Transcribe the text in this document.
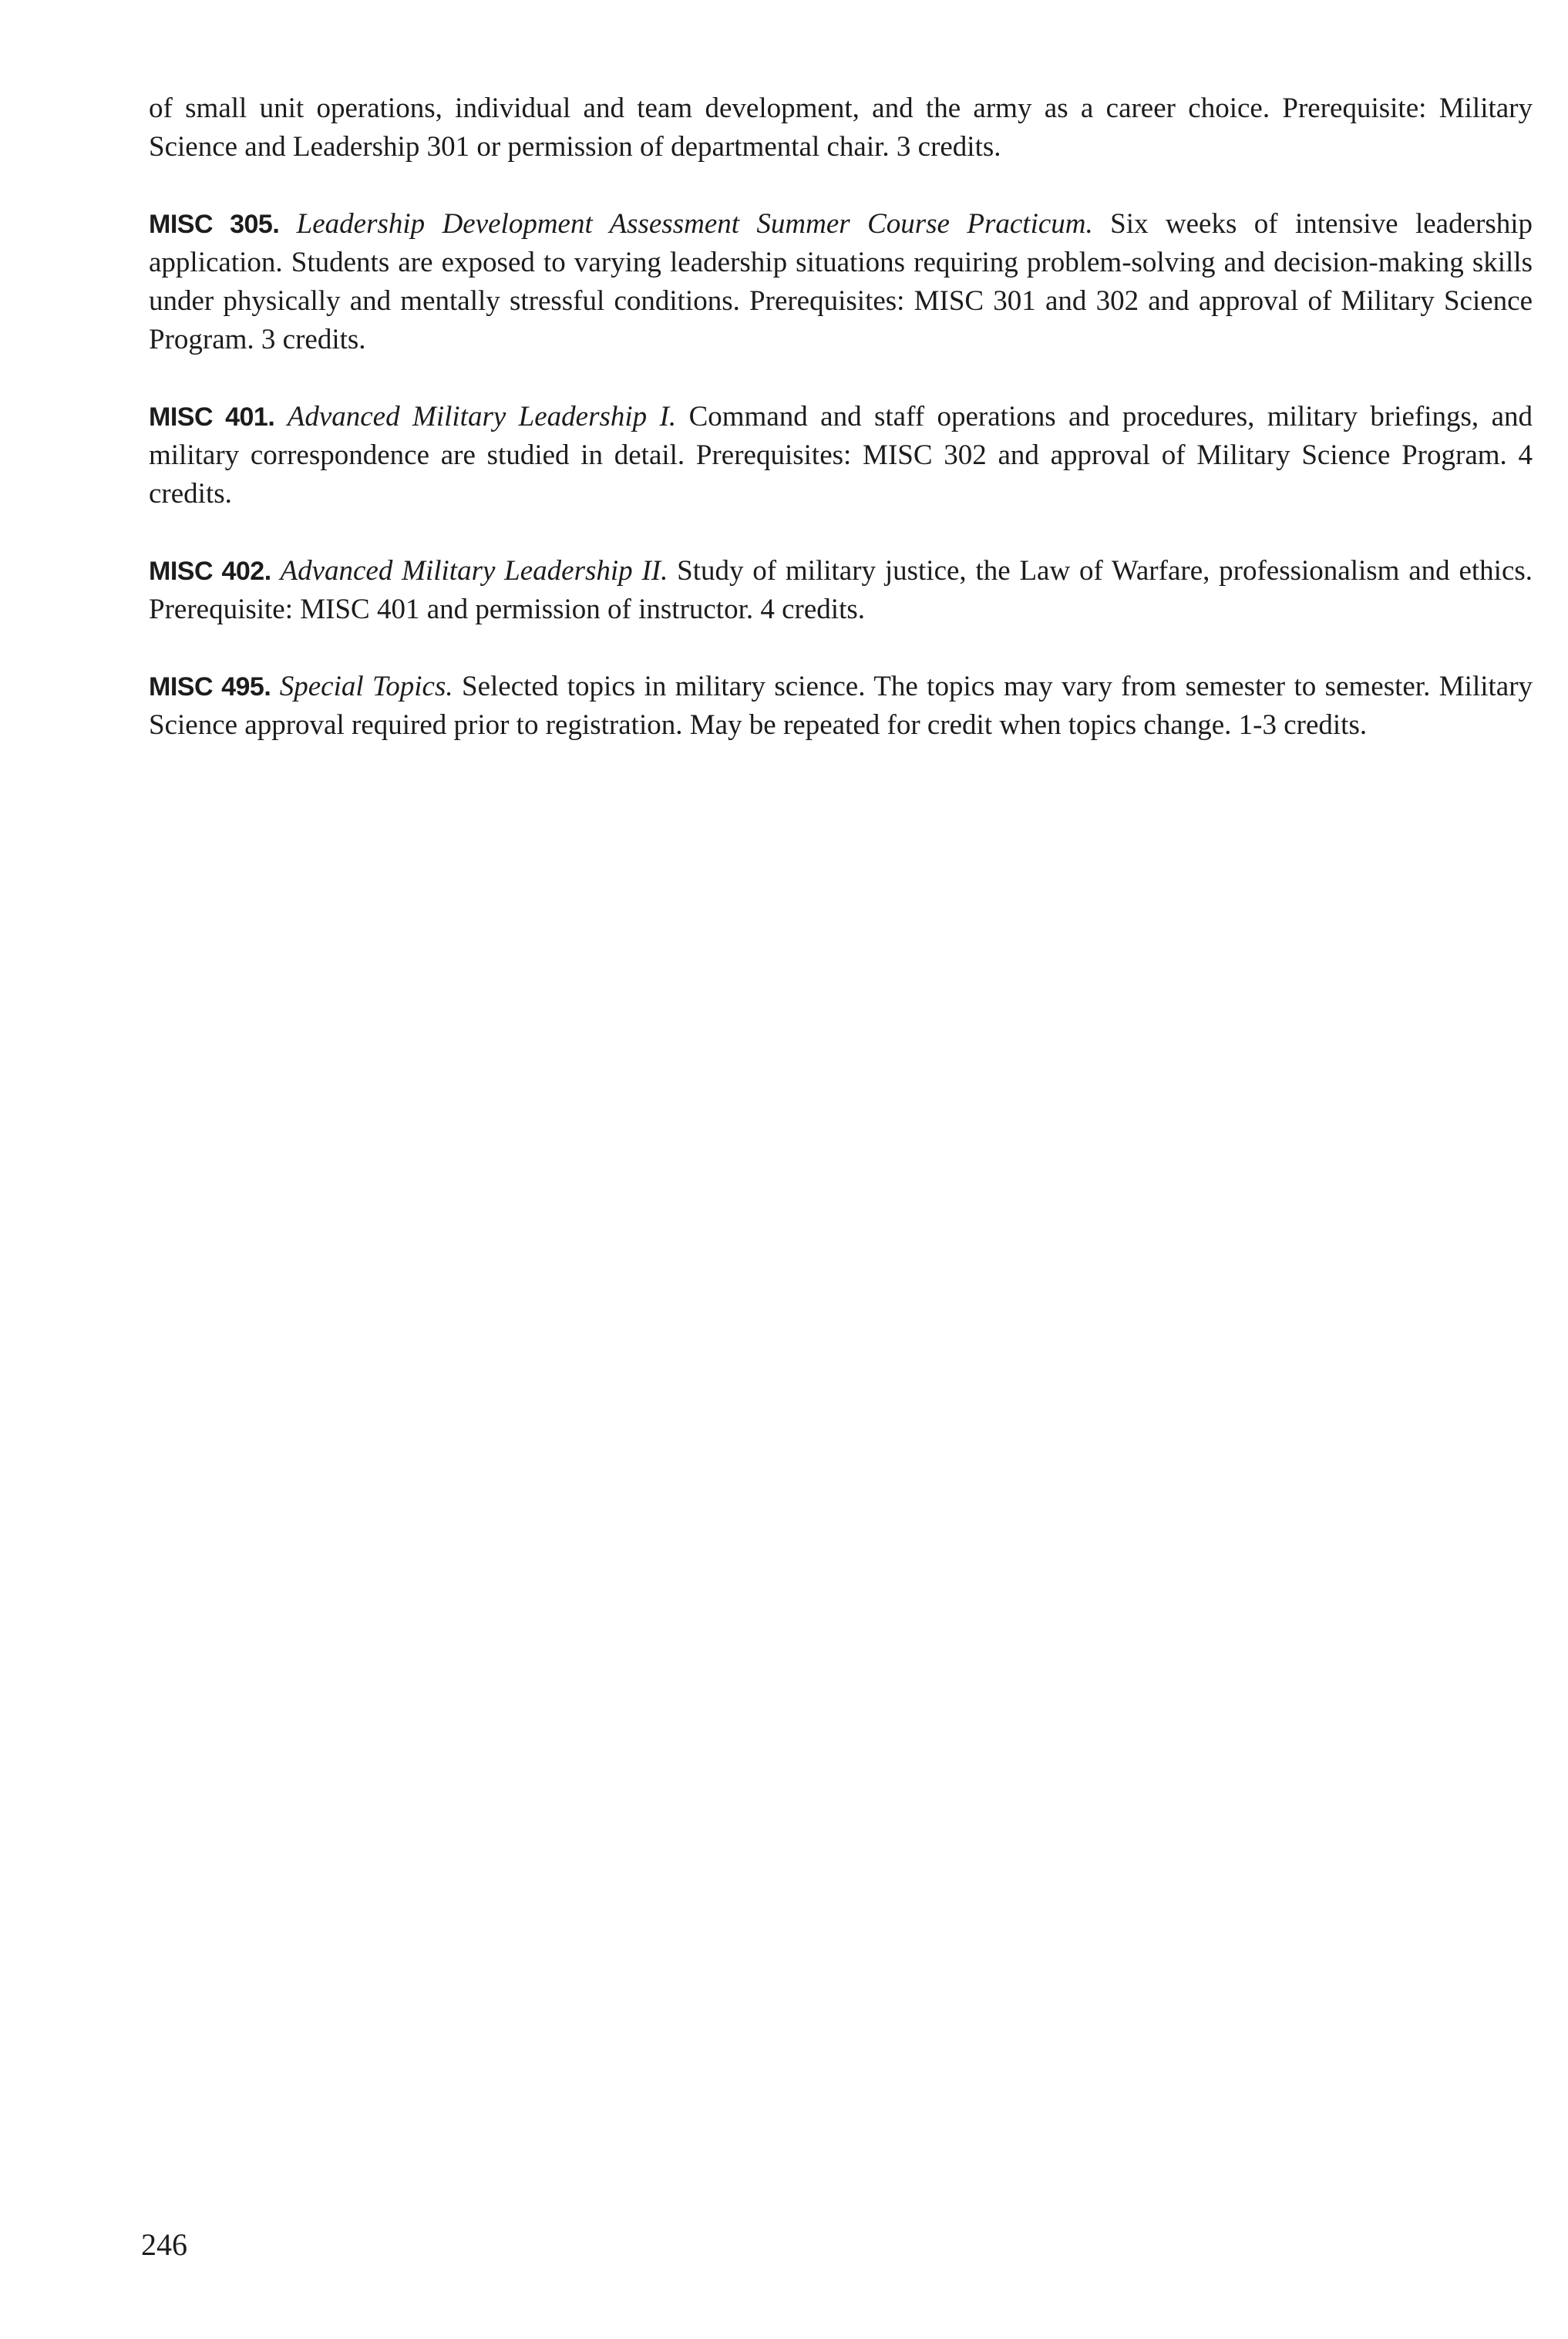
of small unit operations, individual and team development, and the army as a career choice. Prerequisite: Military Science and Leadership 301 or permission of departmental chair. 3 credits.

MISC 305. Leadership Development Assessment Summer Course Practicum. Six weeks of intensive leadership application. Students are exposed to varying leadership situations requiring problem-solving and decision-making skills under physically and mentally stressful conditions. Prerequisites: MISC 301 and 302 and approval of Military Science Program. 3 credits.

MISC 401. Advanced Military Leadership I. Command and staff operations and procedures, military briefings, and military correspondence are studied in detail. Prerequisites: MISC 302 and approval of Military Science Program. 4 credits.

MISC 402. Advanced Military Leadership II. Study of military justice, the Law of Warfare, professionalism and ethics. Prerequisite: MISC 401 and permission of instructor. 4 credits.

MISC 495. Special Topics. Selected topics in military science. The topics may vary from semester to semester. Military Science approval required prior to registration. May be repeated for credit when topics change. 1-3 credits.

246
